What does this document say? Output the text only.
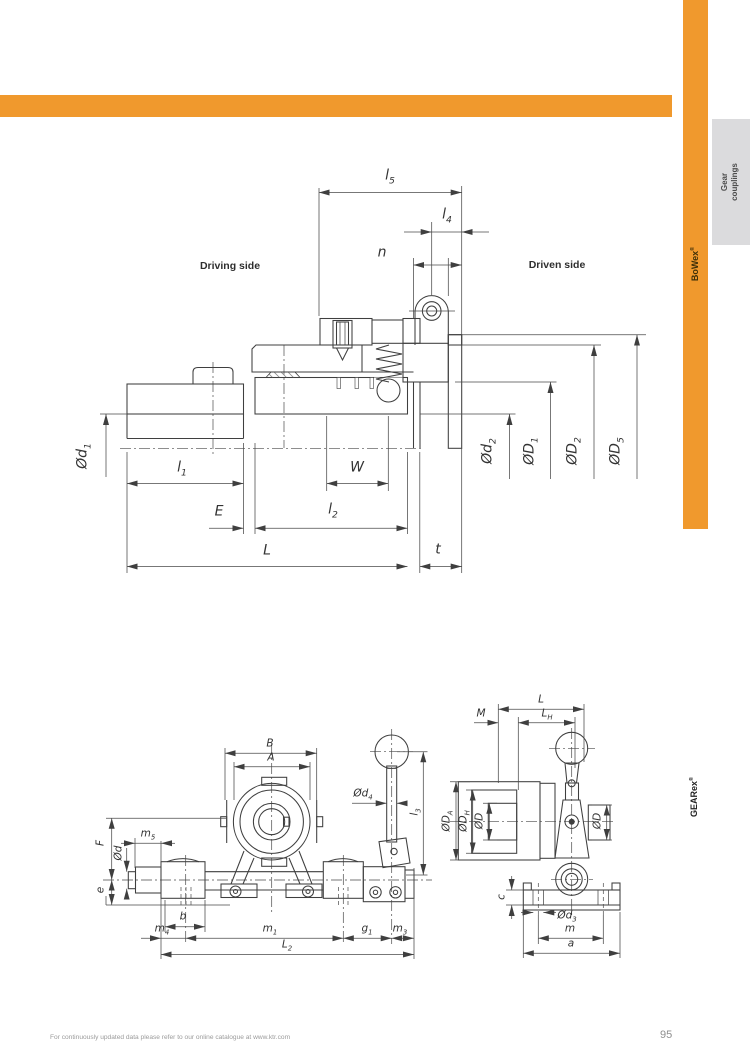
Gear
couplings
BoWex®
GEARex®
$l_5$
$l_4$
n
Driving side	Driven side
$Ød_1$
$l_1$	W
E	$l_2$
L	t
$Ød_2$
$ØD_1$
$ØD_2$
$ØD_5$
B
A
$Ød_4$
$l_3$
$m_5$
Ød
F
e
b
$m_4$	$m_1$	$g_1$ $m_3$
$L_2$
M
L
$L_H$
$ØD_A$
$ØD_H$ ØD	ØD
c
$Ød_3$
m
a
For continuously updated data please refer to our online catalogue at www.ktr.com	95
